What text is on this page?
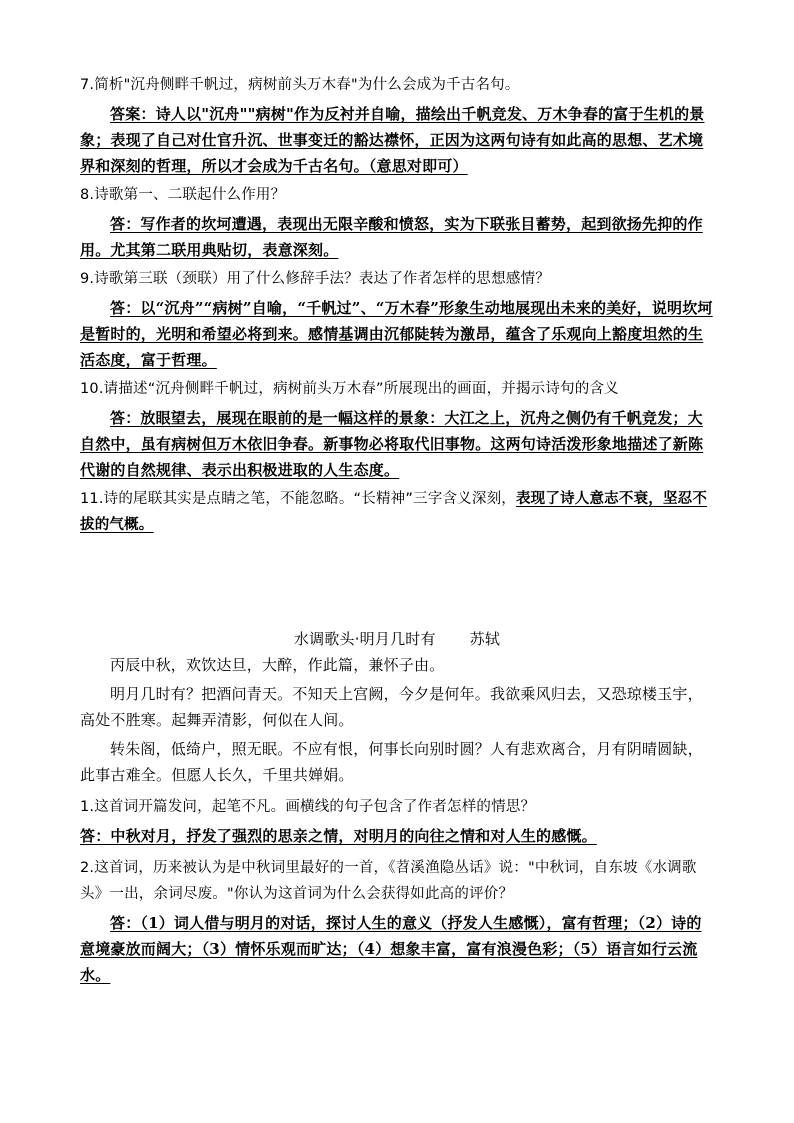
7.简析"沉舟侧畔千帆过，病树前头万木春"为什么会成为千古名句。

答案：诗人以"沉舟""病树"作为反衬并自喻，描绘出千帆竞发、万木争春的富于生机的景象；表现了自己对仕官升沉、世事变迁的豁达襟怀，正因为这两句诗有如此高的思想、艺术境界和深刻的哲理，所以才会成为千古名句。（意思对即可）

8.诗歌第一、二联起什么作用？

答：写作者的坎坷遭遇，表现出无限辛酸和愤怒，实为下联张目蓄势，起到欲扬先抑的作用。尤其第二联用典贴切，表意深刻。

9.诗歌第三联（颈联）用了什么修辞手法？表达了作者怎样的思想感情？

答：以“沉舟”“病树”自喻，“千帆过”、“万木春”形象生动地展现出未来的美好，说明坎坷是暂时的，光明和希望必将到来。感情基调由沉郁陡转为激昂，蕴含了乐观向上豁度坦然的生活态度，富于哲理。

10.请描述“沉舟侧畔千帆过，病树前头万木春”所展现出的画面，并揭示诗句的含义

答：放眼望去，展现在眼前的是一幅这样的景象：大江之上，沉舟之侧仍有千帆竞发；大自然中，虽有病树但万木依旧争春。新事物必将取代旧事物。这两句诗活泼形象地描述了新陈代谢的自然规律、表示出积极进取的人生态度。

11.诗的尾联其实是点睛之笔，不能忽略。“长精神”三字含义深刻，表现了诗人意志不衰，坚忍不拔的气概。

水调歌头·明月几时有 苏轼

丙辰中秋，欢饮达旦，大醉，作此篇，兼怀子由。

明月几时有？把酒问青天。不知天上宫阙，今夕是何年。我欲乘风归去，又恐琼楼玉宇，高处不胜寒。起舞弄清影，何似在人间。

转朱阁，低绮户，照无眠。不应有恨，何事长向别时圆？人有悲欢离合，月有阴晴圆缺，此事古难全。但愿人长久，千里共婵娟。

1.这首词开篇发问，起笔不凡。画横线的句子包含了作者怎样的情思？

答：中秋对月，抒发了强烈的思亲之情，对明月的向往之情和对人生的感慨。

2.这首词，历来被认为是中秋词里最好的一首，《苕溪渔隐丛话》说："中秋词，自东坡《水调歌头》一出，余词尽废。"你认为这首词为什么会获得如此高的评价？

答：（1）词人借与明月的对话，探讨人生的意义（抒发人生感慨），富有哲理；（2）诗的意境豪放而阔大；（3）情怀乐观而旷达；（4）想象丰富，富有浪漫色彩；（5）语言如行云流水。
